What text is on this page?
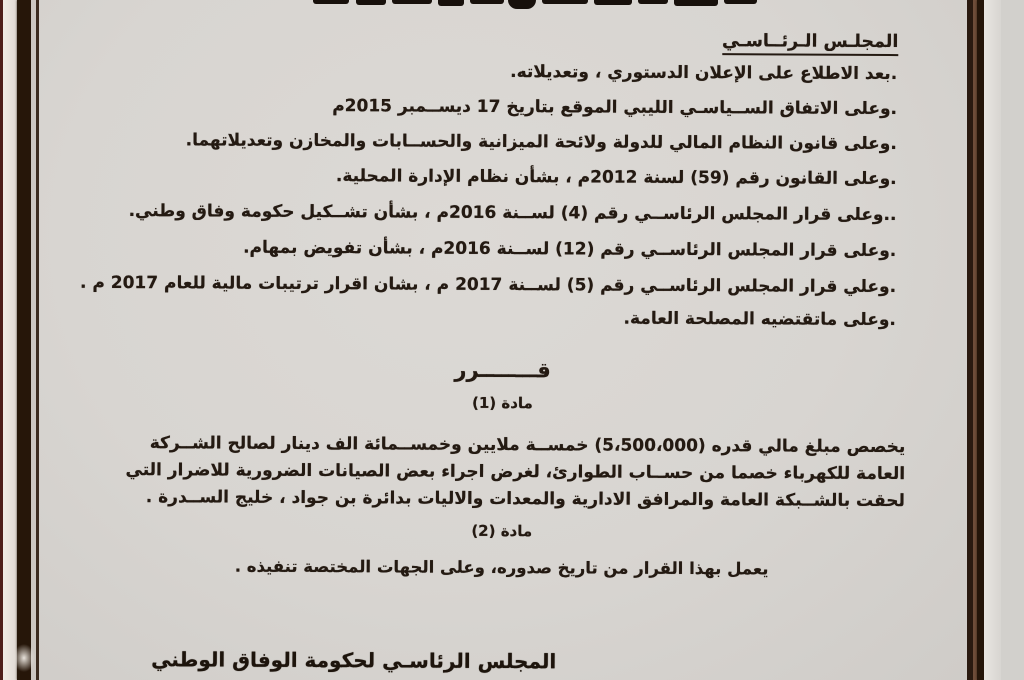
المجلـس الـرئــاسـي
.بعد الاطلاع على الإعلان الدستوري ، وتعديلاته.
.وعلى الاتفاق الســياسـي الليبي الموقع بتاريخ 17 ديســمبر 2015م
.وعلى قانون النظام المالي للدولة ولائحة الميزانية والحســابات والمخازن وتعديلاتهما.
.وعلى القانون رقم (59) لسنة 2012م ، بشأن نظام الإدارة المحلية.
..وعلى قرار المجلس الرئاســي رقم (4) لســنة 2016م ، بشأن تشــكيل حكومة وفاق وطني.
.وعلى قرار المجلس الرئاســي رقم (12) لســنة 2016م ، بشأن تفويض بمهام.
.وعلي قرار المجلس الرئاســي رقم (5) لســنة 2017 م ، بشان اقرار ترتيبات مالية للعام 2017 م .
.وعلى ماتقتضيه المصلحة العامة.
قــــــــرر
مادة (1)
يخصص مبلغ مالي قدره (5،500،000) خمســة ملايين وخمســمائة الف دينار لصالح الشــركة
العامة للكهرباء خصما من حســاب الطوارئ، لغرض اجراء بعض الصيانات الضرورية للاضرار التي
لحقت بالشــبكة العامة والمرافق الادارية والمعدات والاليات بدائرة بن جواد ، خليج الســدرة .
مادة (2)
يعمل بهذا القرار من تاريخ صدوره، وعلى الجهات المختصة تنفيذه .
المجلس الرئاسـي لحكومة الوفاق الوطني
